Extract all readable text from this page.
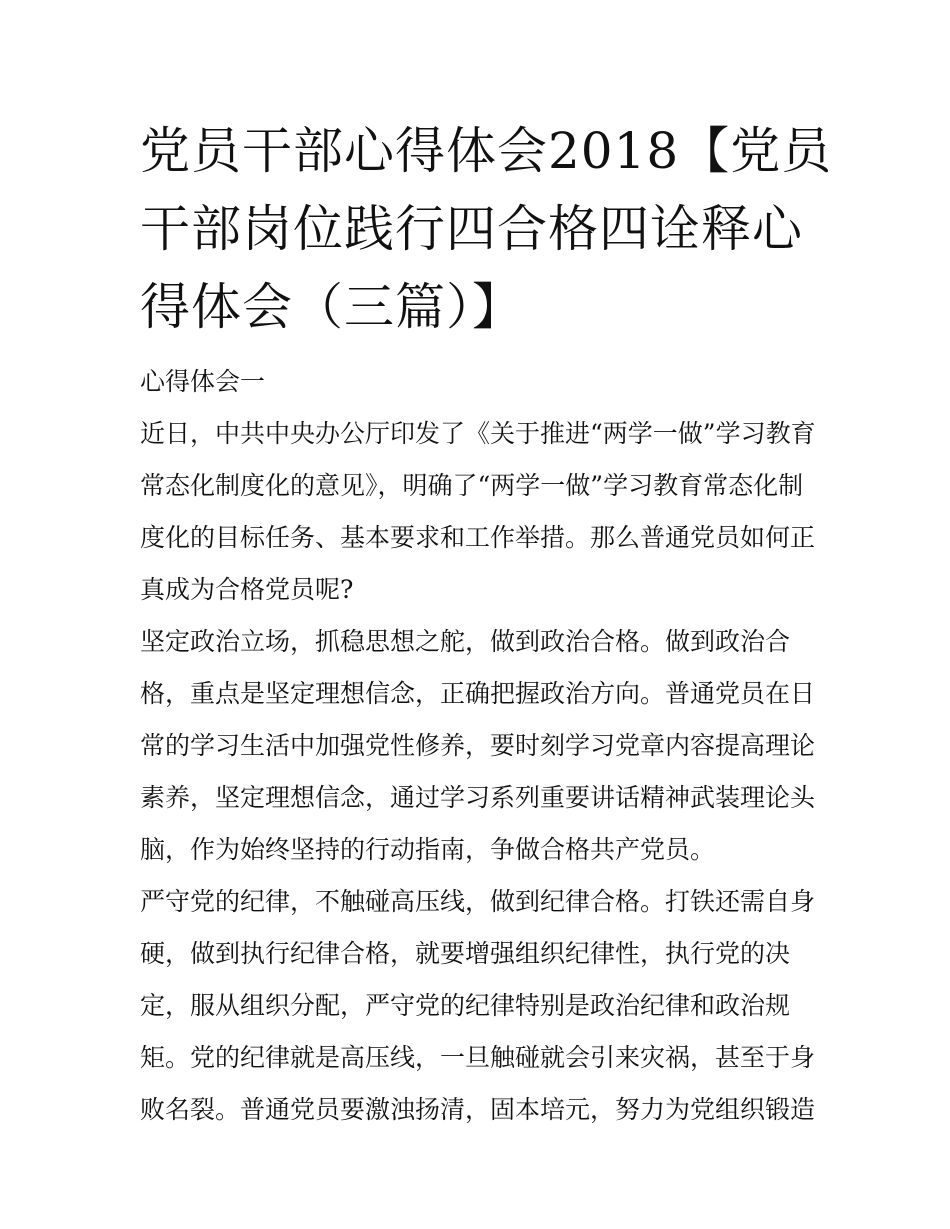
党员干部心得体会2018【党员
干部岗位践行四合格四诠释心
得体会（三篇）】

心得体会一

近日，中共中央办公厅印发了《关于推进“两学一做”学习教育
常态化制度化的意见》，明确了“两学一做”学习教育常态化制
度化的目标任务、基本要求和工作举措。那么普通党员如何正
真成为合格党员呢?

坚定政治立场，抓稳思想之舵，做到政治合格。做到政治合
格，重点是坚定理想信念，正确把握政治方向。普通党员在日
常的学习生活中加强党性修养，要时刻学习党章内容提高理论
素养，坚定理想信念，通过学习系列重要讲话精神武装理论头
脑，作为始终坚持的行动指南，争做合格共产党员。

严守党的纪律，不触碰高压线，做到纪律合格。打铁还需自身
硬，做到执行纪律合格，就要增强组织纪律性，执行党的决
定，服从组织分配，严守党的纪律特别是政治纪律和政治规
矩。党的纪律就是高压线，一旦触碰就会引来灾祸，甚至于身
败名裂。普通党员要激浊扬清，固本培元，努力为党组织锻造
